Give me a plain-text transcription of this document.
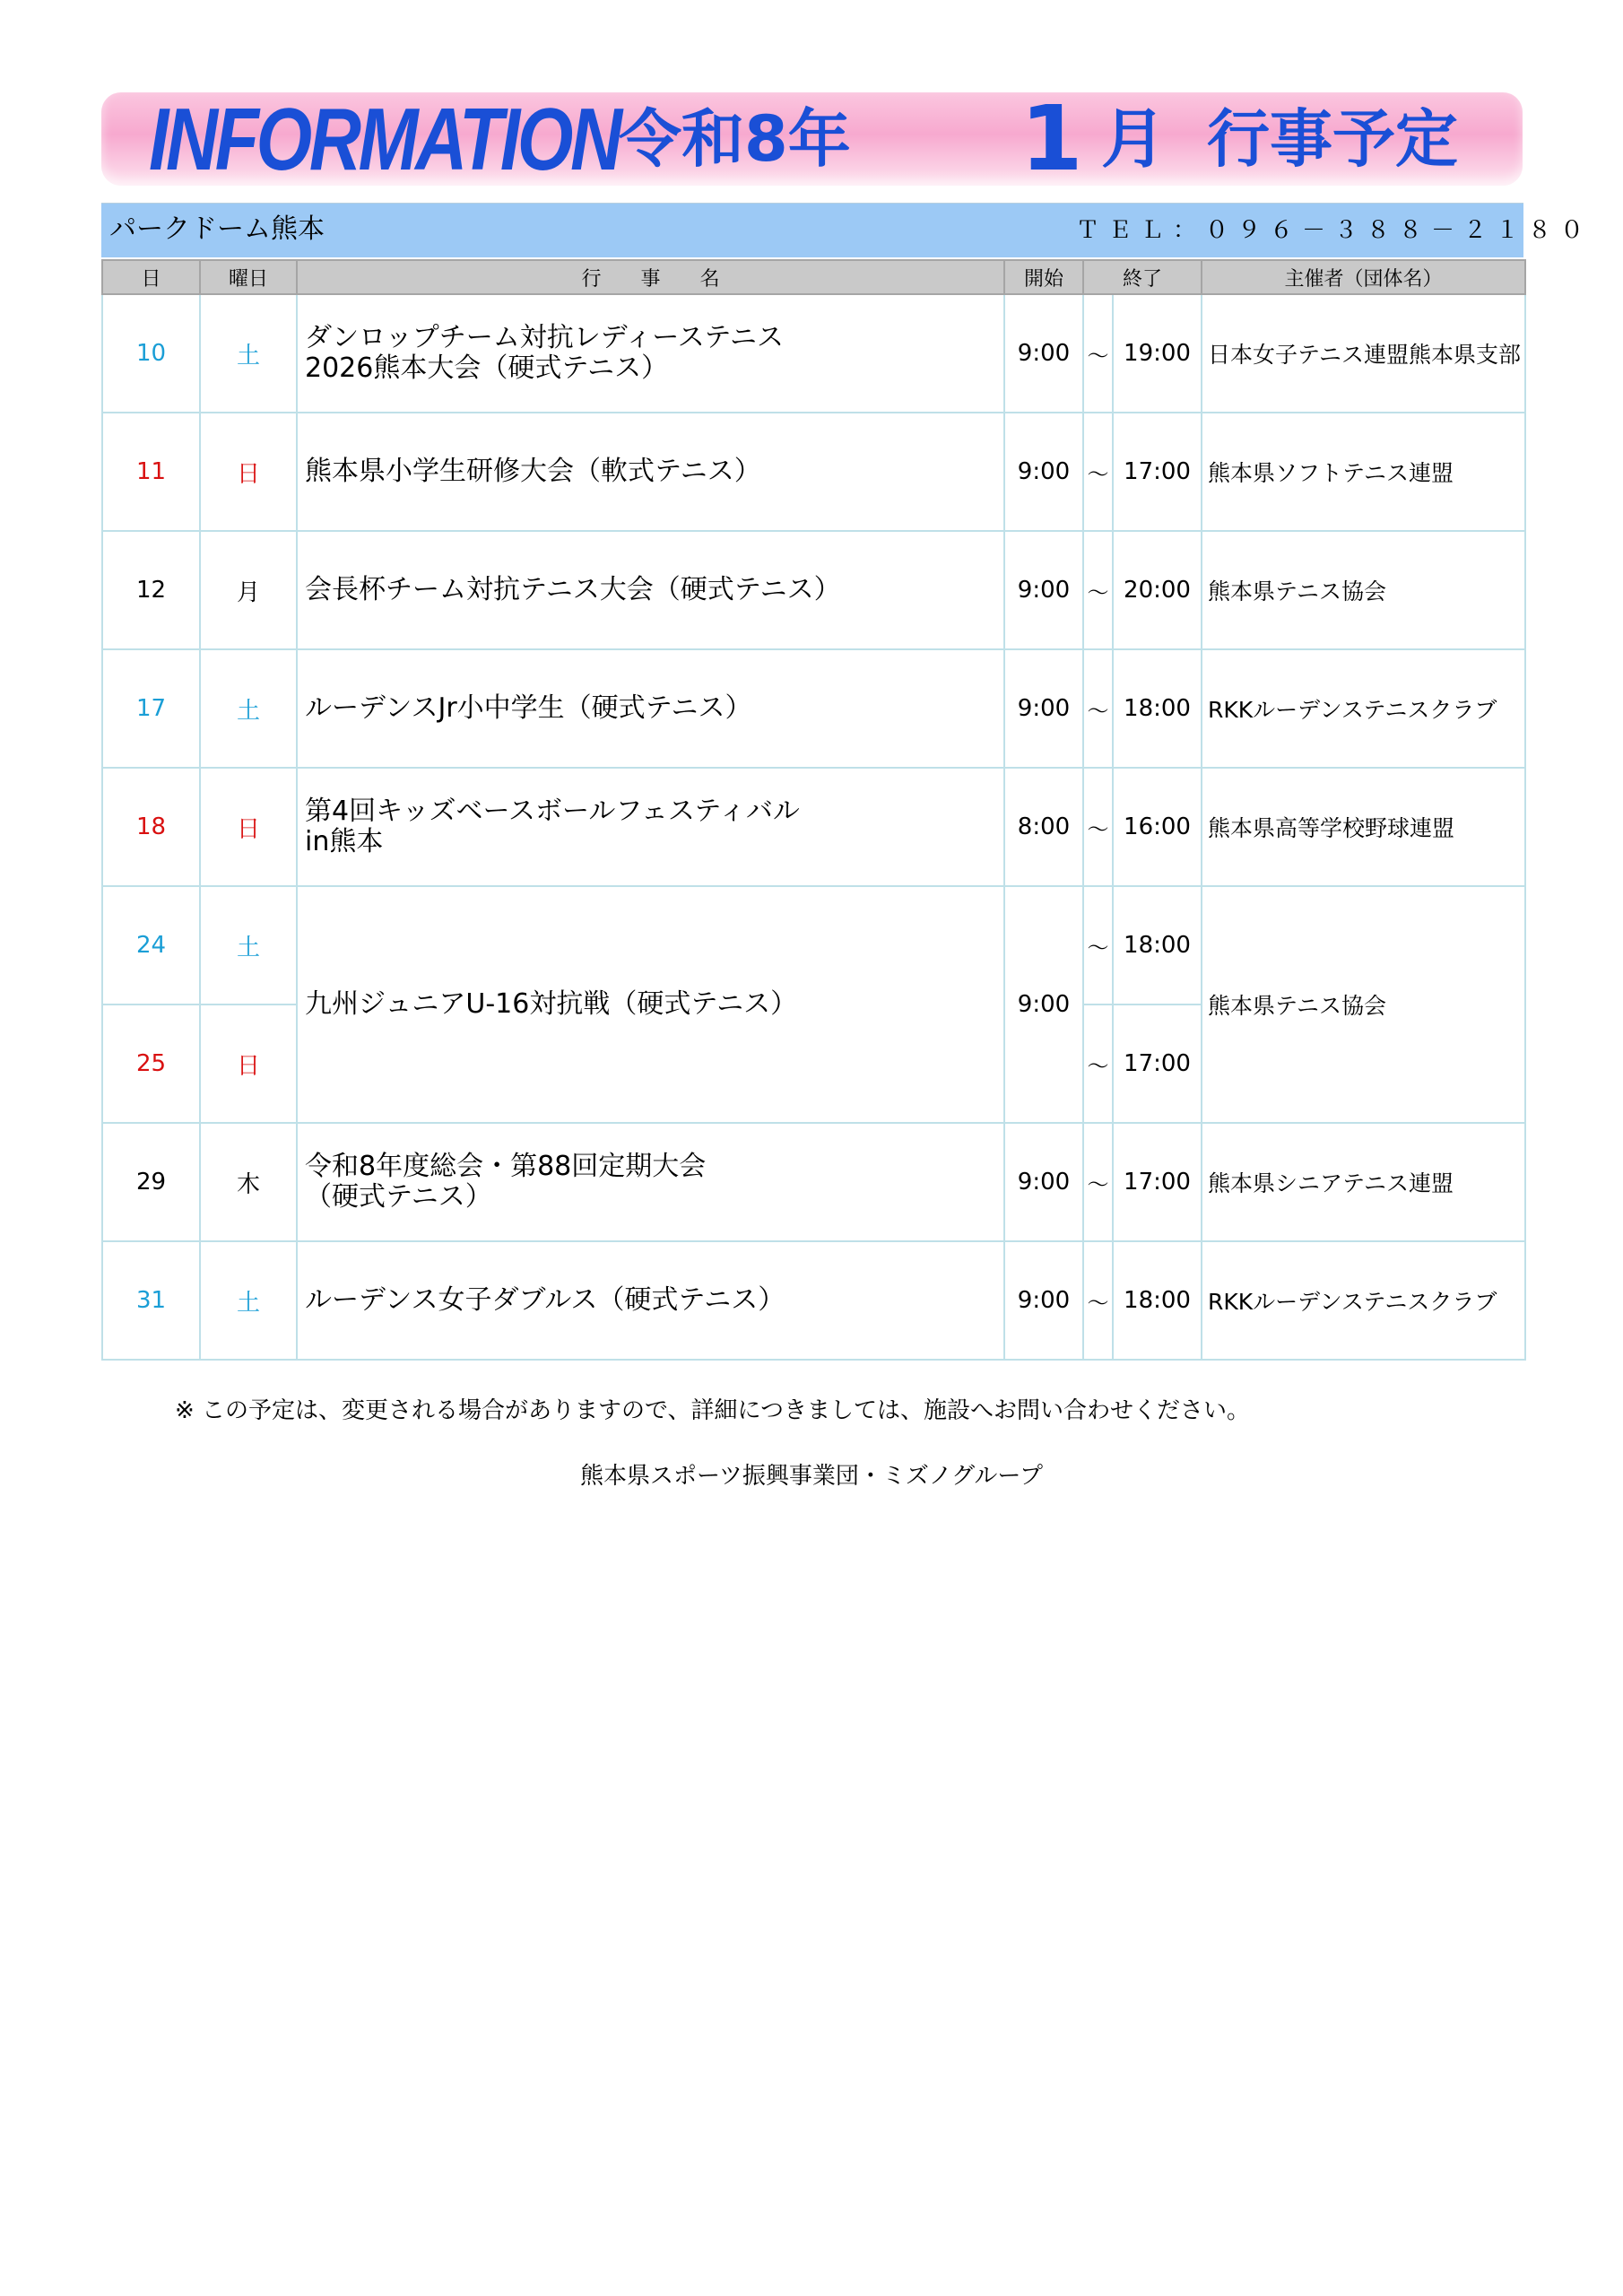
INFORMATION 令和8年 1 月 行事予定
パークドーム熊本	ＴＥＬ：０９６－３８８－２１８０
日	曜日	行　　事　　名	開始	終了		主催者（団体名）
10	土	ダンロップチーム対抗レディーステニス
2026熊本大会（硬式テニス）	9:00	～	19:00	日本女子テニス連盟熊本県支部
11	日	熊本県小学生研修大会（軟式テニス）	9:00	～	17:00	熊本県ソフトテニス連盟
12	月	会長杯チーム対抗テニス大会（硬式テニス）	9:00	～	20:00	熊本県テニス協会
17	土	ルーデンスJr小中学生（硬式テニス）	9:00	～	18:00	RKKルーデンステニスクラブ
18	日	第4回キッズベースボールフェスティバル
in熊本	8:00	～	16:00	熊本県高等学校野球連盟
24	土	九州ジュニアU-16対抗戦（硬式テニス）	9:00	～	18:00	熊本県テニス協会
25	日			～	17:00	
29	木	令和8年度総会・第88回定期大会
（硬式テニス）	9:00	～	17:00	熊本県シニアテニス連盟
31	土	ルーデンス女子ダブルス（硬式テニス）	9:00	～	18:00	RKKルーデンステニスクラブ
※ この予定は、変更される場合がありますので、詳細につきましては、施設へお問い合わせください。
熊本県スポーツ振興事業団・ミズノグループ
